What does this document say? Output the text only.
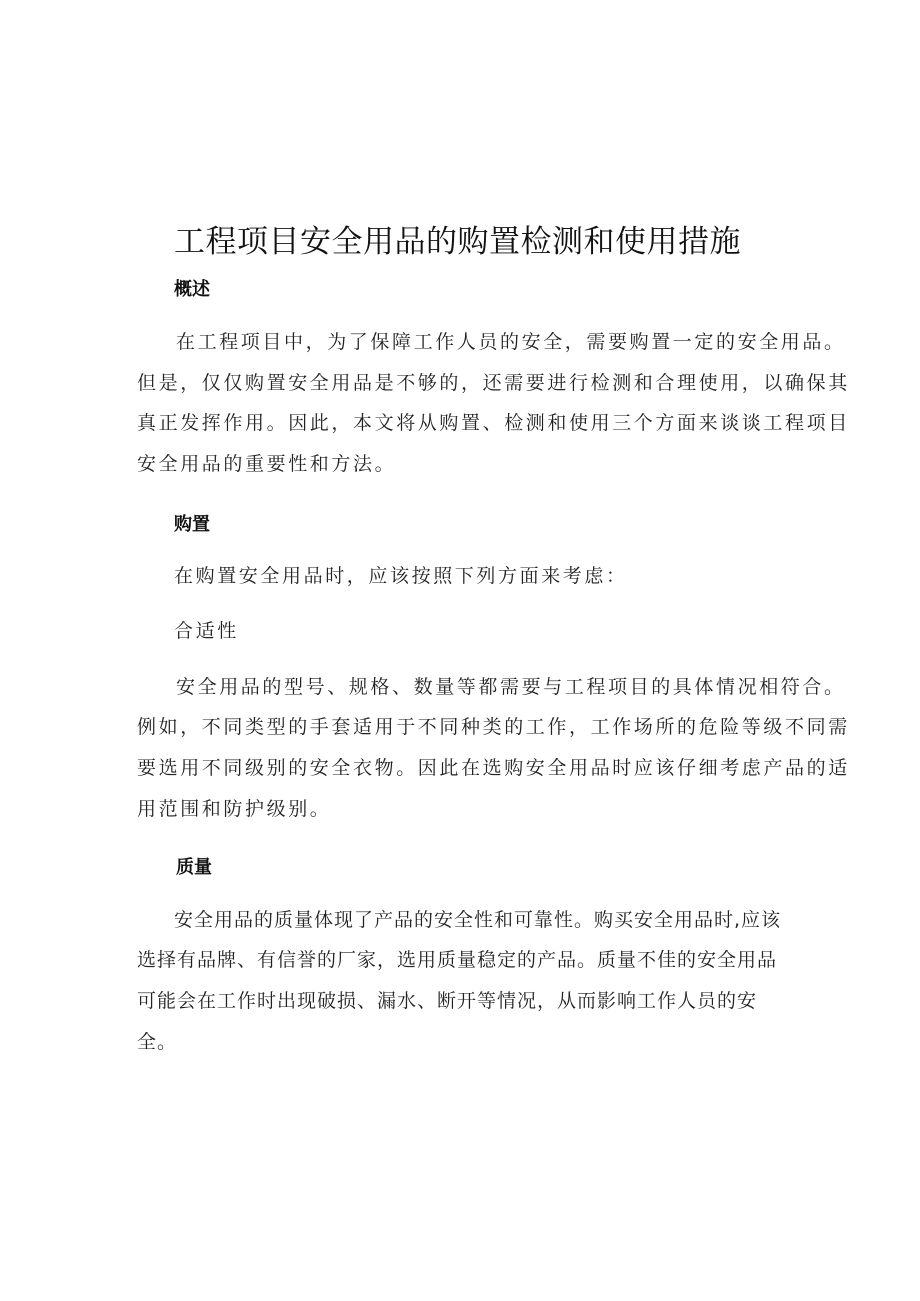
工程项目安全用品的购置检测和使用措施
概述

在工程项目中，为了保障工作人员的安全，需要购置一定的安全用品。

但是，仅仅购置安全用品是不够的，还需要进行检测和合理使用，以确保其

真正发挥作用。因此，本文将从购置、检测和使用三个方面来谈谈工程项目

安全用品的重要性和方法。

购置

在购置安全用品时，应该按照下列方面来考虑：

合适性

安全用品的型号、规格、数量等都需要与工程项目的具体情况相符合。

例如，不同类型的手套适用于不同种类的工作，工作场所的危险等级不同需

要选用不同级别的安全衣物。因此在选购安全用品时应该仔细考虑产品的适

用范围和防护级别。

质量

安全用品的质量体现了产品的安全性和可靠性。购买安全用品时,应该

选择有品牌、有信誉的厂家，选用质量稳定的产品。质量不佳的安全用品

可能会在工作时出现破损、漏水、断开等情况，从而影响工作人员的安

全。
